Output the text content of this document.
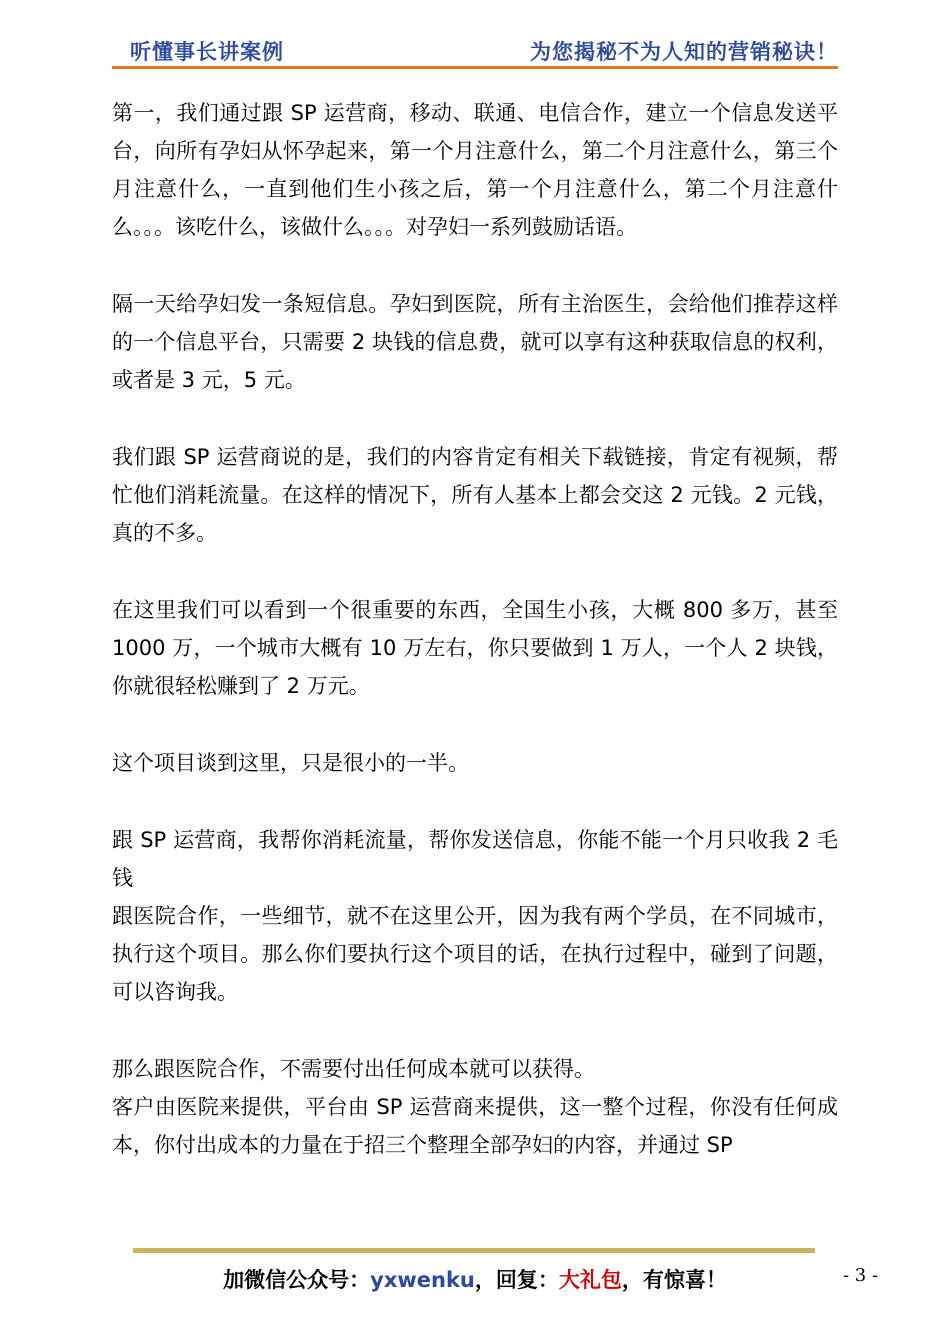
听懂事长讲案例	为您揭秘不为人知的营销秘诀！

第一，我们通过跟 SP 运营商，移动、联通、电信合作，建立一个信息发送平台，向所有孕妇从怀孕起来，第一个月注意什么，第二个月注意什么，第三个月注意什么，一直到他们生小孩之后，第一个月注意什么，第二个月注意什么。。。该吃什么，该做什么。。。对孕妇一系列鼓励话语。

隔一天给孕妇发一条短信息。孕妇到医院，所有主治医生，会给他们推荐这样的一个信息平台，只需要 2 块钱的信息费，就可以享有这种获取信息的权利，或者是 3 元，5 元。

我们跟 SP 运营商说的是，我们的内容肯定有相关下载链接，肯定有视频，帮忙他们消耗流量。在这样的情况下，所有人基本上都会交这 2 元钱。2 元钱，真的不多。

在这里我们可以看到一个很重要的东西，全国生小孩，大概 800 多万，甚至 1000 万，一个城市大概有 10 万左右，你只要做到 1 万人，一个人 2 块钱，你就很轻松赚到了 2 万元。

这个项目谈到这里，只是很小的一半。

跟 SP 运营商，我帮你消耗流量，帮你发送信息，你能不能一个月只收我 2 毛钱

跟医院合作，一些细节，就不在这里公开，因为我有两个学员，在不同城市，执行这个项目。那么你们要执行这个项目的话，在执行过程中，碰到了问题，可以咨询我。

那么跟医院合作，不需要付出任何成本就可以获得。

客户由医院来提供，平台由 SP 运营商来提供，这一整个过程，你没有任何成本，你付出成本的力量在于招三个整理全部孕妇的内容，并通过 SP

加微信公众号：yxwenku，回复：大礼包，有惊喜！	- 3 -
